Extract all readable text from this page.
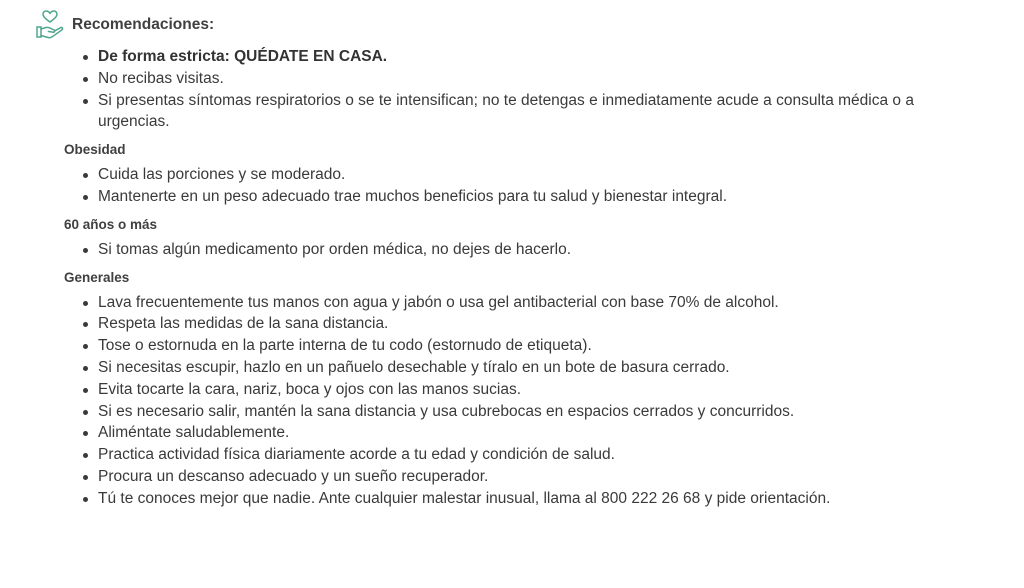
Recomendaciones:
De forma estricta: QUÉDATE EN CASA.
No recibas visitas.
Si presentas síntomas respiratorios o se te intensifican; no te detengas e inmediatamente acude a consulta médica o a urgencias.
Obesidad
Cuida las porciones y se moderado.
Mantenerte en un peso adecuado trae muchos beneficios para tu salud y bienestar integral.
60 años o más
Si tomas algún medicamento por orden médica, no dejes de hacerlo.
Generales
Lava frecuentemente tus manos con agua y jabón o usa gel antibacterial con base 70% de alcohol.
Respeta las medidas de la sana distancia.
Tose o estornuda en la parte interna de tu codo (estornudo de etiqueta).
Si necesitas escupir, hazlo en un pañuelo desechable y tíralo en un bote de basura cerrado.
Evita tocarte la cara, nariz, boca y ojos con las manos sucias.
Si es necesario salir, mantén la sana distancia y usa cubrebocas en espacios cerrados y concurridos.
Aliméntate saludablemente.
Practica actividad física diariamente acorde a tu edad y condición de salud.
Procura un descanso adecuado y un sueño recuperador.
Tú te conoces mejor que nadie. Ante cualquier malestar inusual, llama al 800 222 26 68 y pide orientación.
